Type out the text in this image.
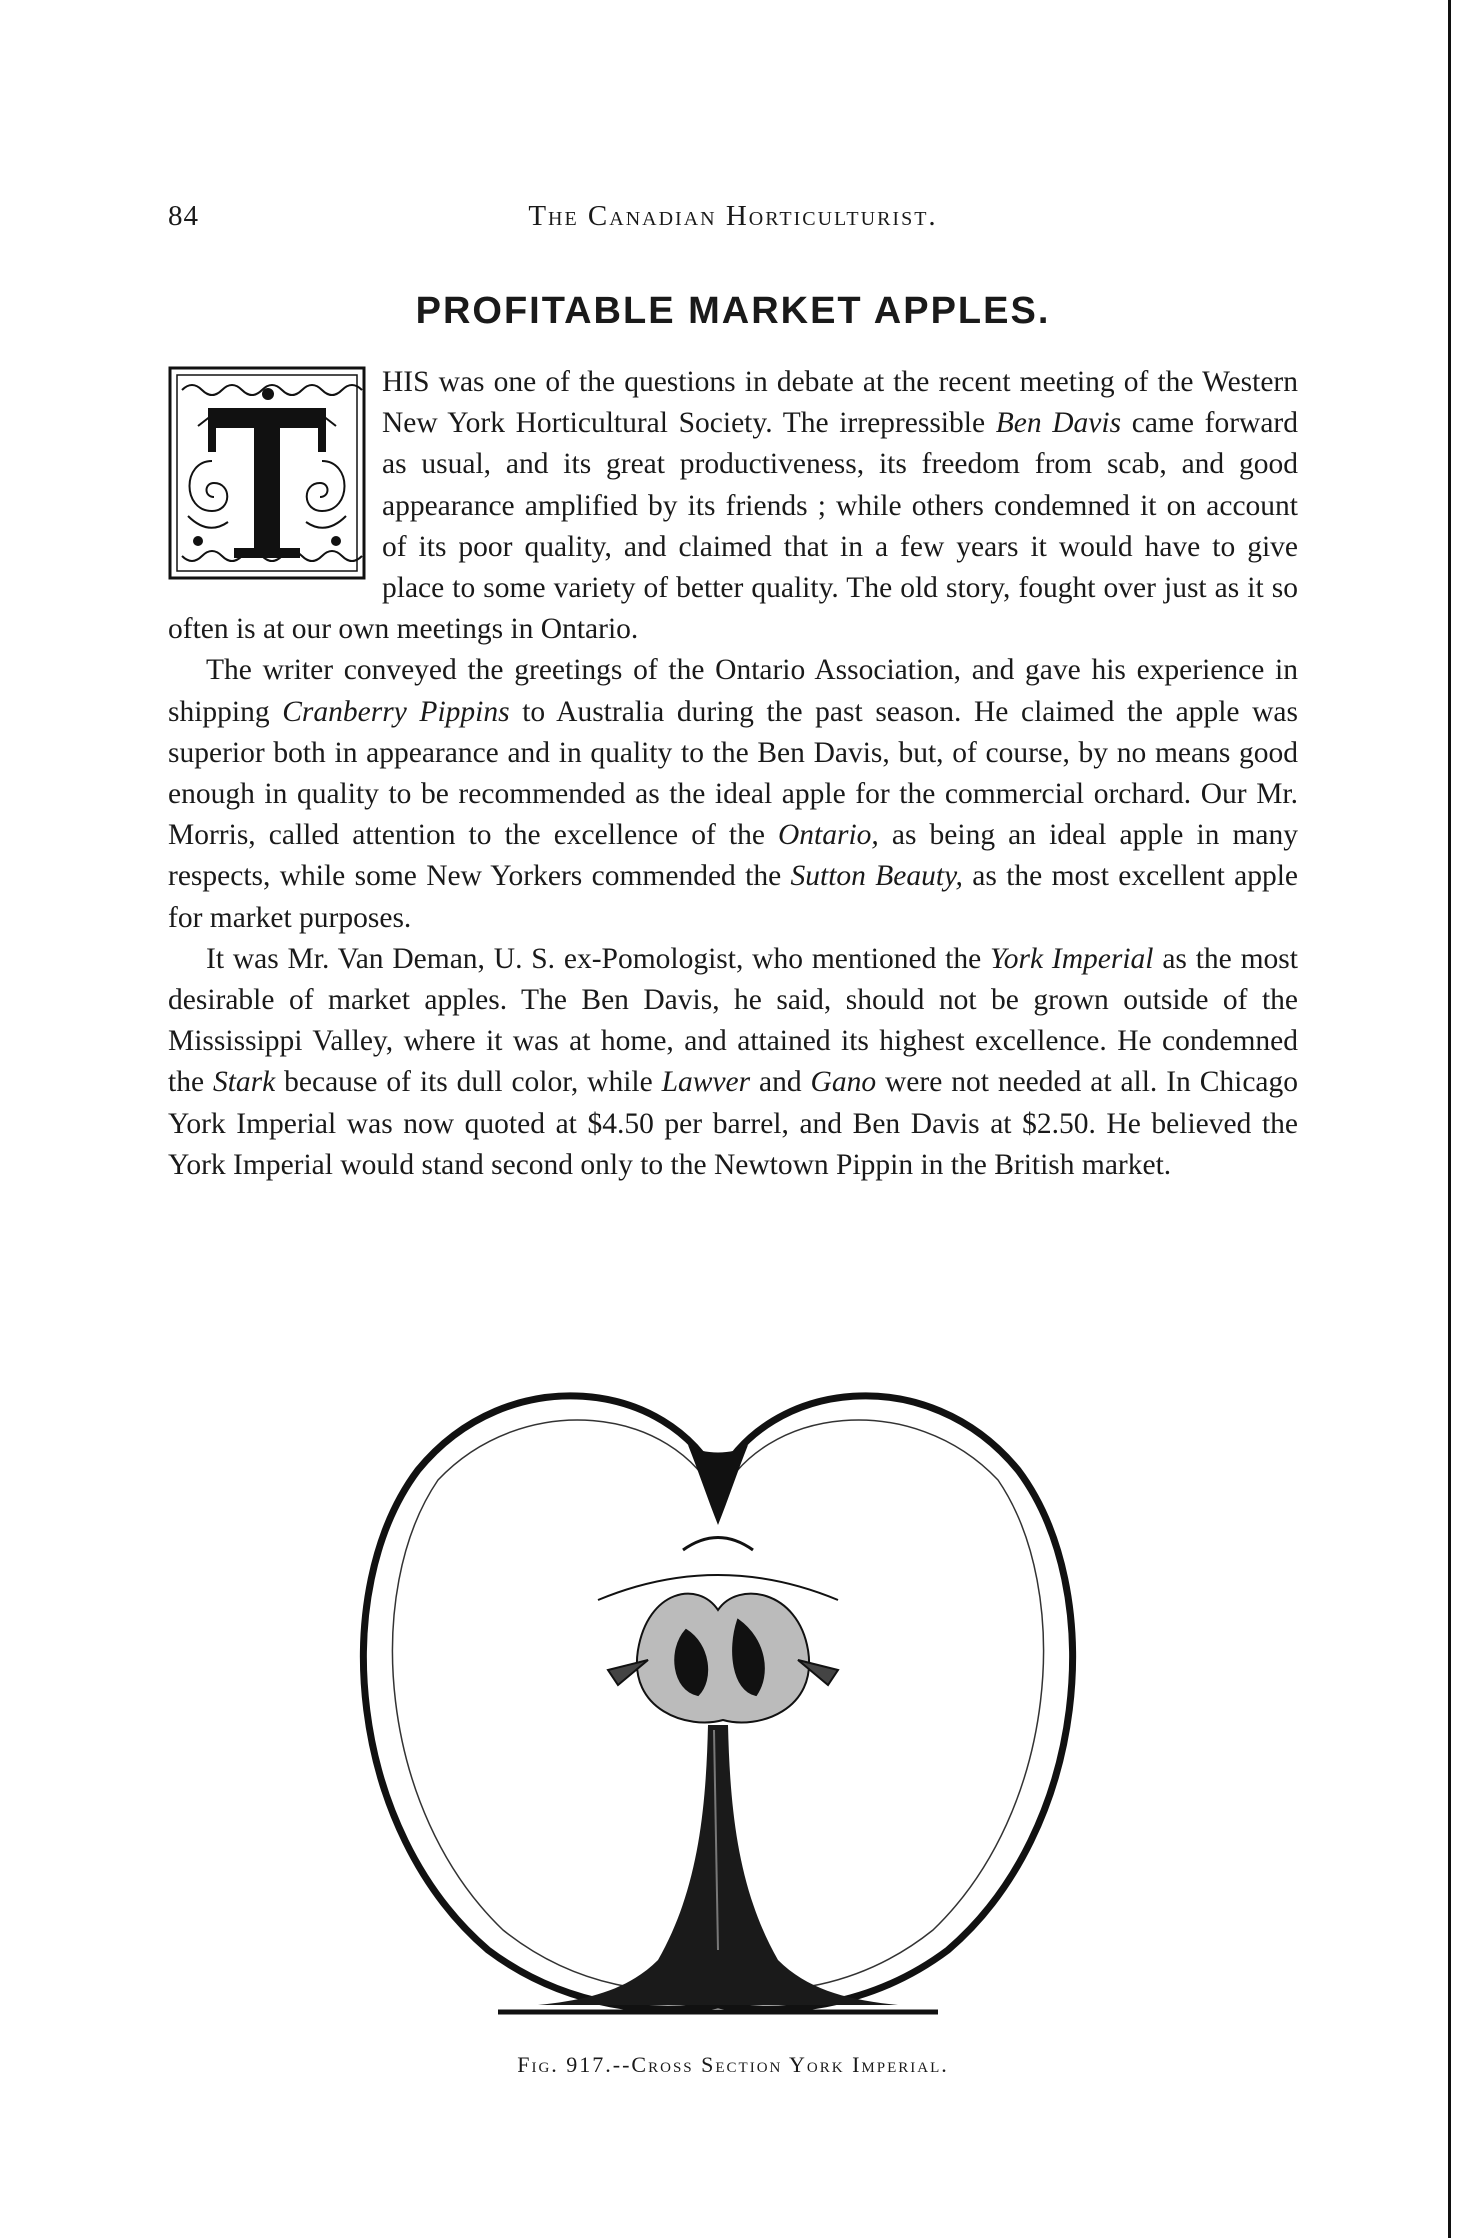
84	The Canadian Horticulturist.
PROFITABLE MARKET APPLES.

HIS was one of the questions in debate at the recent meeting of the Western New York Horticultural Society. The irrepressible Ben Davis came forward as usual, and its great productiveness, its freedom from scab, and good appearance amplified by its friends ; while others condemned it on account of its poor quality, and claimed that in a few years it would have to give place to some variety of better quality. The old story, fought over just as it so often is at our own meetings in Ontario.

The writer conveyed the greetings of the Ontario Association, and gave his experience in shipping Cranberry Pippins to Australia during the past season. He claimed the apple was superior both in appearance and in quality to the Ben Davis, but, of course, by no means good enough in quality to be recommended as the ideal apple for the commercial orchard. Our Mr. Morris, called attention to the excellence of the Ontario, as being an ideal apple in many respects, while some New Yorkers commended the Sutton Beauty, as the most excellent apple for market purposes.

It was Mr. Van Deman, U. S. ex-Pomologist, who mentioned the York Imperial as the most desirable of market apples. The Ben Davis, he said, should not be grown outside of the Mississippi Valley, where it was at home, and attained its highest excellence. He condemned the Stark because of its dull color, while Lawver and Gano were not needed at all. In Chicago York Imperial was now quoted at $4.50 per barrel, and Ben Davis at $2.50. He believed the York Imperial would stand second only to the Newtown Pippin in the British market.

Fig. 917.--Cross Section York Imperial.
